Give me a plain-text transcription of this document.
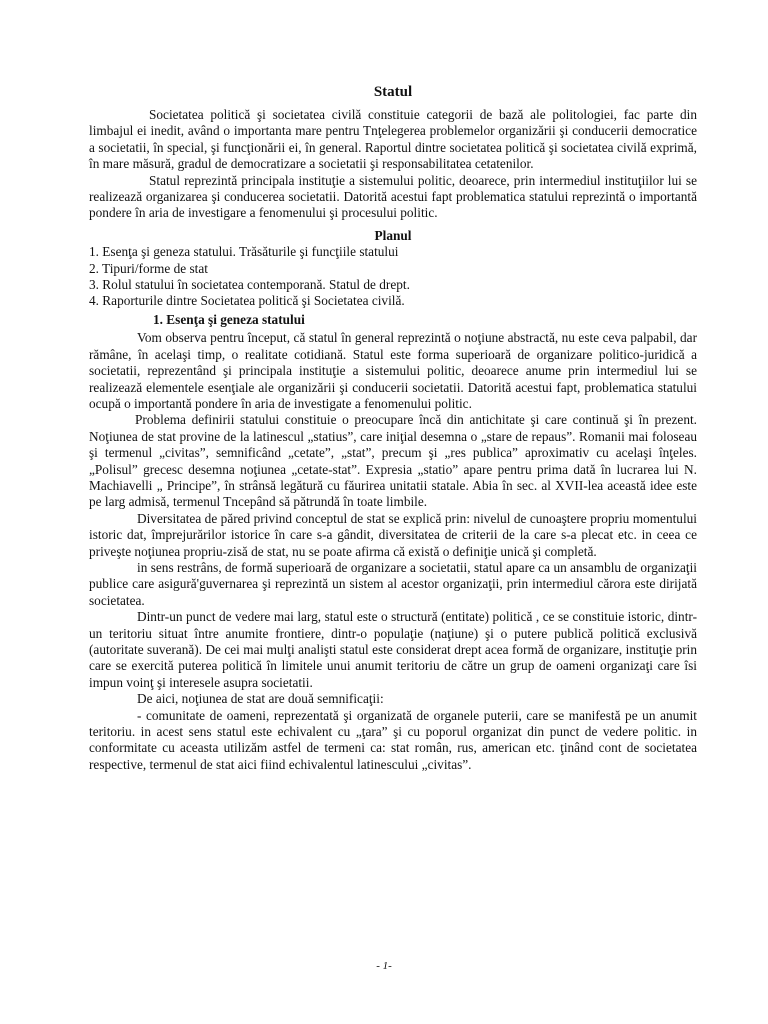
Statul

Societatea politică şi societatea civilă constituie categorii de bază ale politologiei, fac parte din limbajul ei inedit, având o importanta mare pentru Tnţelegerea problemelor organizării şi conducerii democratice a societatii, în special, şi funcţionării ei, în general. Raportul dintre societatea politică şi societatea civilă exprimă, în mare măsură, gradul de democratizare a societatii şi responsabilitatea cetatenilor.

Statul reprezintă principala instituţie a sistemului politic, deoarece, prin intermediul instituţiilor lui se realizează organizarea şi conducerea societatii. Datorită acestui fapt problematica statului reprezintă o importantă pondere în aria de investigare a fenomenului şi procesului politic.

Planul
1. Esenţa şi geneza statului. Trăsăturile şi funcţiile statului
2. Tipuri/forme de stat
3. Rolul statului în societatea contemporană. Statul de drept.
4. Raporturile dintre Societatea politică şi Societatea civilă.
1. Esenţa şi geneza statului

Vom observa pentru început, că statul în general reprezintă o noţiune abstractă, nu este ceva palpabil, dar rămâne, în acelaşi timp, o realitate cotidiană. Statul este forma superioară de organizare politico-juridică a societatii, reprezentând şi principala instituţie a sistemului politic, deoarece anume prin intermediul lui se realizează elementele esenţiale ale organizării şi conducerii societatii. Datorită acestui fapt, problematica statului ocupă o importantă pondere în aria de investigate a fenomenului politic.

Problema definirii statului constituie o preocupare încă din antichitate şi care continuă şi în prezent. Noţiunea de stat provine de la latinescul „statius”, care iniţial desemna o „stare de repaus”. Romanii mai foloseau şi termenul „civitas”, semnificând „cetate”, „stat”, precum şi „res publica” aproximativ cu acelaşi înţeles. „Polisul” grecesc desemna noţiunea „cetate-stat”. Expresia „statio” apare pentru prima dată în lucrarea lui N. Machiavelli „ Principe”, în strânsă legătură cu făurirea unitatii statale. Abia în sec. al XVII-lea această idee este pe larg admisă, termenul Tncepând să pătrundă în toate limbile.

Diversitatea de păred privind conceptul de stat se explică prin: nivelul de cunoaştere propriu momentului istoric dat, împrejurărilor istorice în care s-a gândit, diversitatea de criterii de la care s-a plecat etc. in ceea ce priveşte noţiunea propriu-zisă de stat, nu se poate afirma că există o definiţie unică şi completă.

in sens restrâns, de formă superioară de organizare a societatii, statul apare ca un ansamblu de organizaţii publice care asigură'guvernarea şi reprezintă un sistem al acestor organizaţii, prin intermediul cărora este dirijată societatea.

Dintr-un punct de vedere mai larg, statul este o structură (entitate) politică , ce se constituie istoric, dintr-un teritoriu situat între anumite frontiere, dintr-o populaţie (naţiune) şi o putere publică politică exclusivă (autoritate suverană). De cei mai mulţi analişti statul este considerat drept acea formă de organizare, instituţie prin care se exercită puterea politică în limitele unui anumit teritoriu de către un grup de oameni organizaţi care îsi impun voinţ şi interesele asupra societatii.

De aici, noţiunea de stat are două semnificaţii:

- comunitate de oameni, reprezentată şi organizată de organele puterii, care se manifestă pe un anumit teritoriu. in acest sens statul este echivalent cu „ţara” şi cu poporul organizat din punct de vedere politic. in conformitate cu aceasta utilizăm astfel de termeni ca: stat român, rus, american etc. ţinând cont de societatea respective, termenul de stat aici fiind echivalentul latinescului „civitas”.

- 1-
